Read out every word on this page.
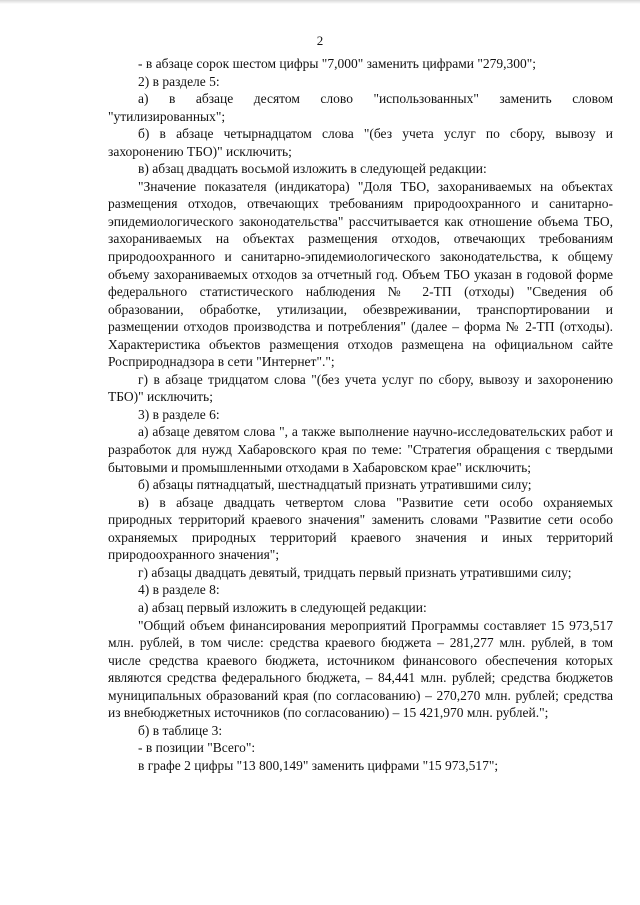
2

- в абзаце сорок шестом цифры "7,000" заменить цифрами "279,300";

2) в разделе 5:

а) в абзаце десятом слово "использованных" заменить словом "утилизированных";

б) в абзаце четырнадцатом слова "(без учета услуг по сбору, вывозу и захоронению ТБО)" исключить;

в) абзац двадцать восьмой изложить в следующей редакции:

"Значение показателя (индикатора) "Доля ТБО, захораниваемых на объектах размещения отходов, отвечающих требованиям природоохранного и санитарно-эпидемиологического законодательства" рассчитывается как отношение объема ТБО, захораниваемых на объектах размещения отходов, отвечающих требованиям природоохранного и санитарно-эпидемиологического законодательства, к общему объему захораниваемых отходов за отчетный год. Объем ТБО указан в годовой форме федерального статистического наблюдения № 2-ТП (отходы) "Сведения об образовании, обработке, утилизации, обезвреживании, транспортировании и размещении отходов производства и потребления" (далее – форма № 2-ТП (отходы). Характеристика объектов размещения отходов размещена на официальном сайте Росприроднадзора в сети "Интернет".";

г) в абзаце тридцатом слова "(без учета услуг по сбору, вывозу и захоронению ТБО)" исключить;

3) в разделе 6:

а) абзаце девятом слова ", а также выполнение научно-исследовательских работ и разработок для нужд Хабаровского края по теме: "Стратегия обращения с твердыми бытовыми и промышленными отходами в Хабаровском крае" исключить;

б) абзацы пятнадцатый, шестнадцатый признать утратившими силу;

в) в абзаце двадцать четвертом слова "Развитие сети особо охраняемых природных территорий краевого значения" заменить словами "Развитие сети особо охраняемых природных территорий краевого значения и иных территорий природоохранного значения";

г) абзацы двадцать девятый, тридцать первый признать утратившими силу;

4) в разделе 8:

а) абзац первый изложить в следующей редакции:

"Общий объем финансирования мероприятий Программы составляет 15 973,517 млн. рублей, в том числе: средства краевого бюджета – 281,277 млн. рублей, в том числе средства краевого бюджета, источником финансового обеспечения которых являются средства федерального бюджета, – 84,441 млн. рублей; средства бюджетов муниципальных образований края (по согласованию) – 270,270 млн. рублей; средства из внебюджетных источников (по согласованию) – 15 421,970 млн. рублей.";

б) в таблице 3:

- в позиции "Всего":

в графе 2 цифры "13 800,149" заменить цифрами "15 973,517";
